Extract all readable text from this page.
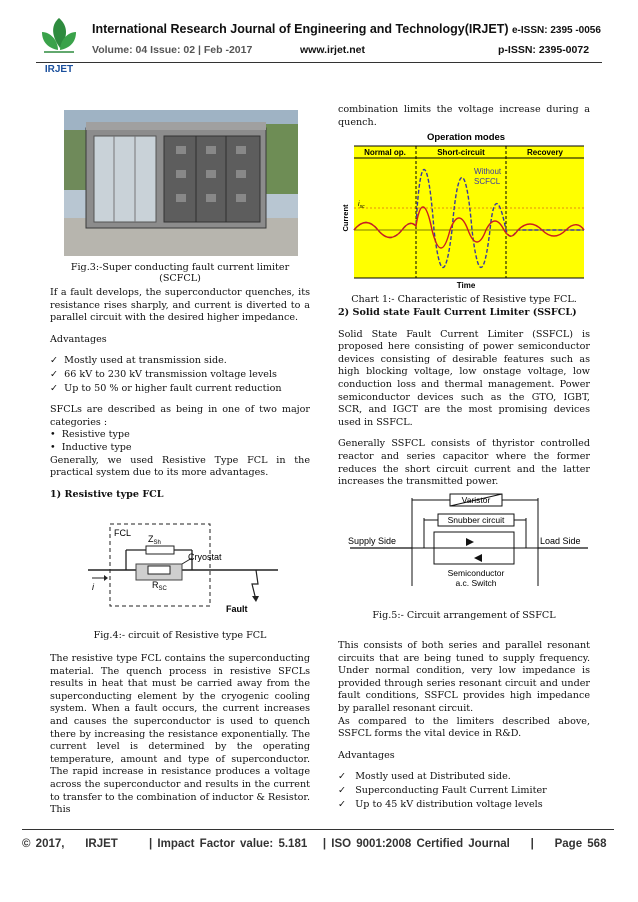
IRJET
International Research Journal of Engineering and Technology(IRJET) e-ISSN: 2395 -0056
Volume: 04 Issue: 02 | Feb -2017	www.irjet.net	p-ISSN: 2395-0072
Fig.3:-Super conducting fault current limiter (SCFCL)

If a fault develops, the superconductor quenches, its resistance rises sharply, and current is diverted to a parallel circuit with the desired higher impedance.

Advantages

✓  Mostly used at transmission side.
✓  66 kV to 230 kV transmission voltage levels
✓  Up to 50 % or higher fault current reduction

SFCLs are described as being in one of two major categories :

•  Resistive type
•  Inductive type

Generally, we used Resistive Type FCL in the practical system due to its more advantages.

1) Resistive type FCL

FCL
$Z_{Sh}$
Cryostat
$R_{SC}$
i
Fault
Fig.4:- circuit of Resistive type FCL

The resistive type FCL contains the superconducting material. The quench process in resistive SFCLs results in heat that must be carried away from the superconducting element by the cryogenic cooling system. When a fault occurs, the current increases and causes the superconductor is used to quench there by increasing the resistance exponentially. The current level is determined by the operating temperature, amount and type of superconductor. The rapid increase in resistance produces a voltage across the superconductor and results in the current to transfer to the combination of inductor & Resistor. This

combination limits the voltage increase during a quench.

Operation modes
Normal op.	Short-circuit	Recovery
$i_{sc}$
Without
SCFCL
Current
Time
Chart 1:- Characteristic of Resistive type FCL.

2) Solid state Fault Current Limiter (SSFCL)

Solid State Fault Current Limiter (SSFCL) is proposed here consisting of power semiconductor devices consisting of desirable features such as high blocking voltage, low onstage voltage, low conduction loss and thermal management. Power semiconductor devices such as the GTO, IGBT, SCR, and IGCT are the most promising devices used in SSFCL.

Generally SSFCL consists of thyristor controlled reactor and series capacitor where the former reduces the short circuit current and the latter increases the transmitted power.

Supply Side	Load Side
Varistor
Snubber circuit
Semiconductor
a.c. Switch
Fig.5:- Circuit arrangement of SSFCL

This consists of both series and parallel resonant circuits that are being tuned to supply frequency. Under normal condition, very low impedance is provided through series resonant circuit and under fault conditions, SSFCL provides high impedance by parallel resonant circuit.

As compared to the limiters described above, SSFCL forms the vital device in R&D.

Advantages

✓   Mostly used at Distributed side.
✓   Superconducting Fault Current Limiter
✓   Up to 45 kV distribution voltage levels
© 2017, IRJET	| Impact Factor value: 5.181 | ISO 9001:2008 Certified Journal | Page 568
